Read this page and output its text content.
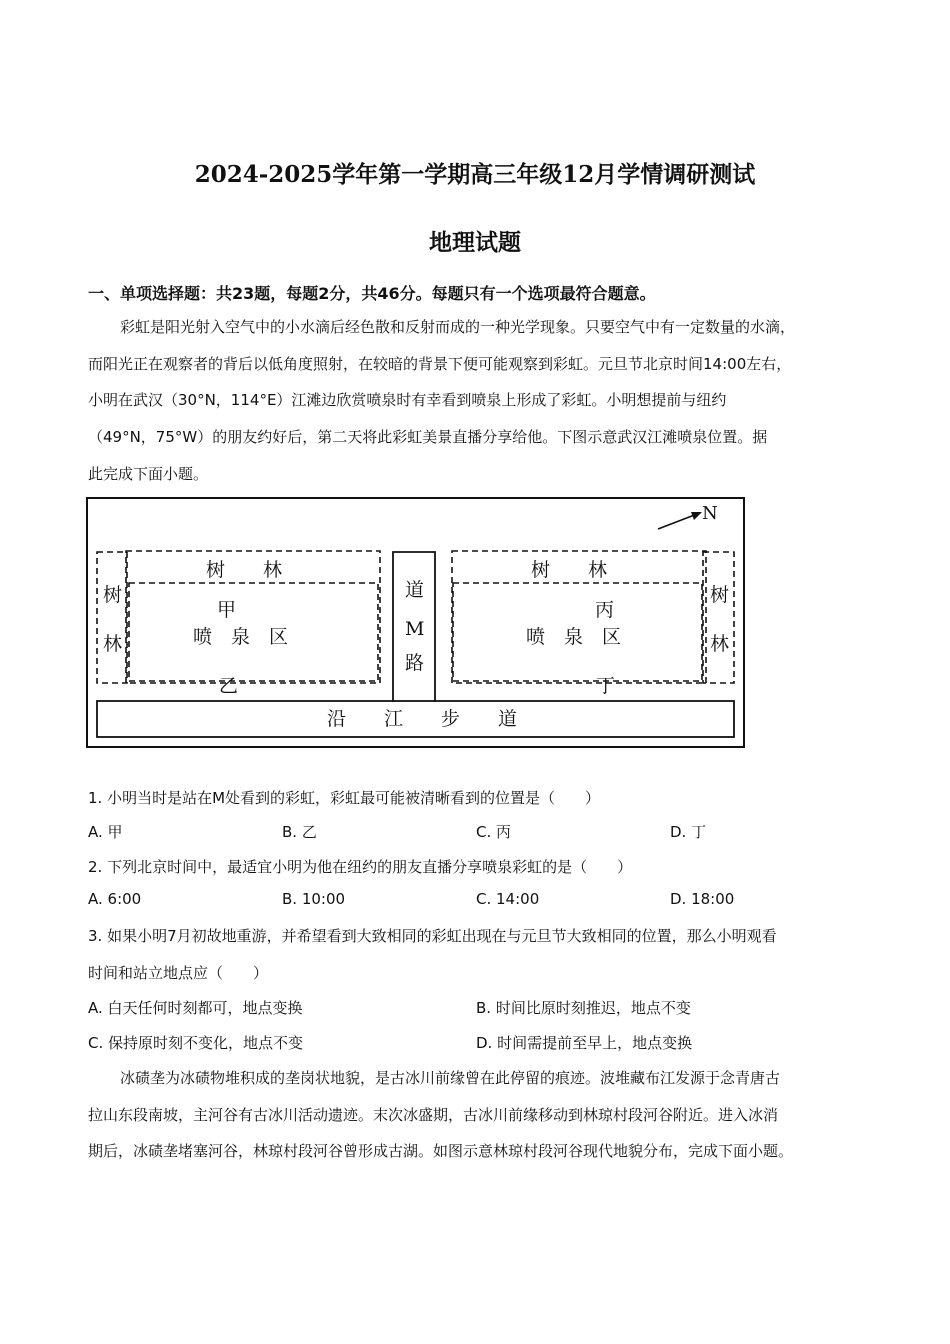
2024-2025学年第一学期高三年级12月学情调研测试
地理试题
一、单项选择题：共23题，每题2分，共46分。每题只有一个选项最符合题意。

彩虹是阳光射入空气中的小水滴后经色散和反射而成的一种光学现象。只要空气中有一定数量的水滴，

而阳光正在观察者的背后以低角度照射，在较暗的背景下便可能观察到彩虹。元旦节北京时间14:00左右，

小明在武汉（30°N，114°E）江滩边欣赏喷泉时有幸看到喷泉上形成了彩虹。小明想提前与纽约

（49°N，75°W）的朋友约好后，第二天将此彩虹美景直播分享给他。下图示意武汉江滩喷泉位置。据

此完成下面小题。

N
树　　林
树
林
甲
喷　泉　区
乙
道
M
路
树　　林
树
林
丙
喷　泉　区
丁
沿　　江　　步　　道
1. 小明当时是站在M处看到的彩虹，彩虹最可能被清晰看到的位置是（　　）
A. 甲	B. 乙	C. 丙	D. 丁
2. 下列北京时间中，最适宜小明为他在纽约的朋友直播分享喷泉彩虹的是（　　）
A. 6:00	B. 10:00	C. 14:00	D. 18:00
3. 如果小明7月初故地重游，并希望看到大致相同的彩虹出现在与元旦节大致相同的位置，那么小明观看
时间和站立地点应（　　）
A. 白天任何时刻都可，地点变换	B. 时间比原时刻推迟，地点不变
C. 保持原时刻不变化，地点不变	D. 时间需提前至早上，地点变换

冰碛垄为冰碛物堆积成的垄岗状地貌，是古冰川前缘曾在此停留的痕迹。波堆藏布江发源于念青唐古

拉山东段南坡，主河谷有古冰川活动遗迹。末次冰盛期，古冰川前缘移动到林琼村段河谷附近。进入冰消

期后，冰碛垄堵塞河谷，林琼村段河谷曾形成古湖。如图示意林琼村段河谷现代地貌分布，完成下面小题。
